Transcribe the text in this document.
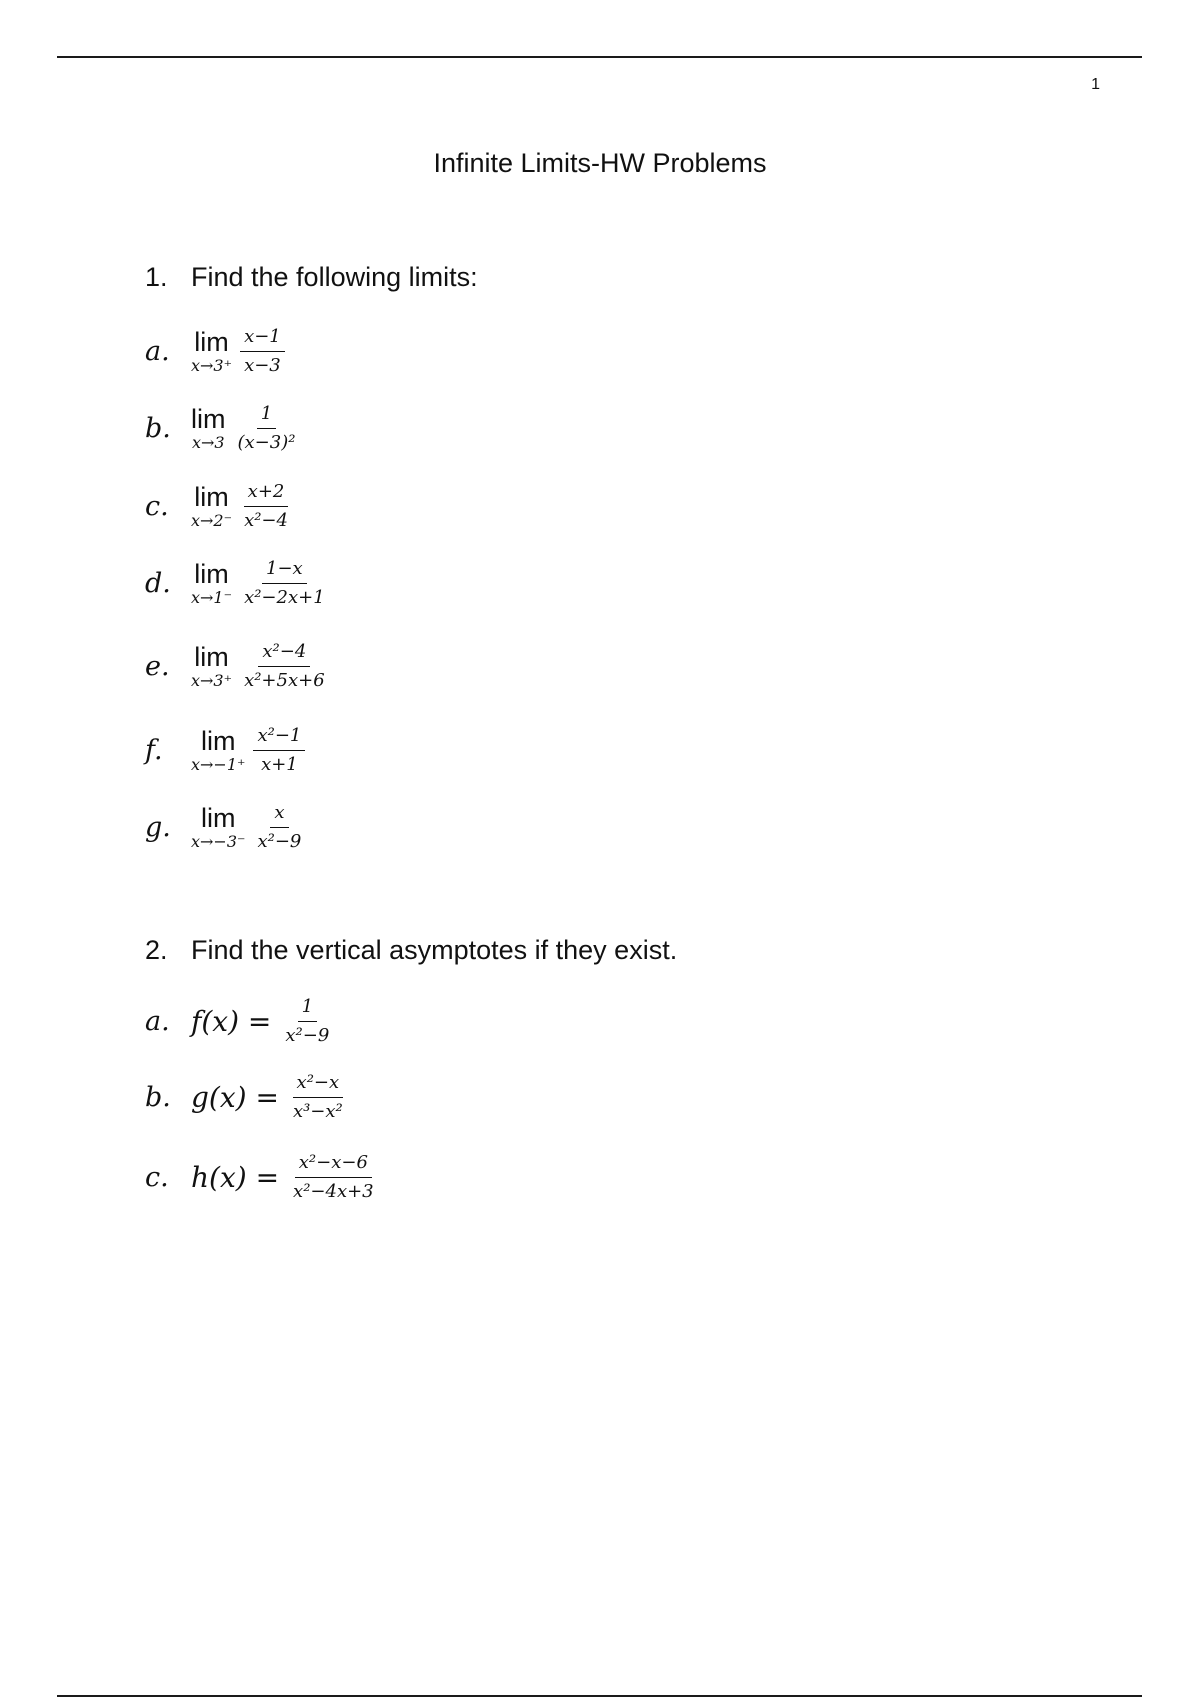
1
Infinite Limits-HW Problems
1. Find the following limits:
a. lim
$x\to 3^+ \frac{x-1}{x-3}$
b. lim
$x\to 3 \frac{1}{\text{(x−3)²}}$
c. lim
$x\to 2^- \frac{x+2}{\text{x²−4}}$
d. lim
$x\to 1^- \frac{1-x}{\text{x²−2x+1}}$
e. lim
$x\to 3^+ \frac{\text{x²−4}}{\text{x²+5x+6}}$
f.	lim
$x\to-1^+ \frac{\text{x²−1}}{x+1}$
g.	lim
$x\to-3^- \frac{x}{\text{x²−9}}$
2. Find the vertical asymptotes if they exist.
a. $f(x) = \frac{1}{\text{x²−9}}$
b. $g(x) = \frac{\text{x²−x}}{\text{x³−x²}}$
c. $h(x) = \frac{\text{x²−x−6}}{\text{x²−4x+3}}$
